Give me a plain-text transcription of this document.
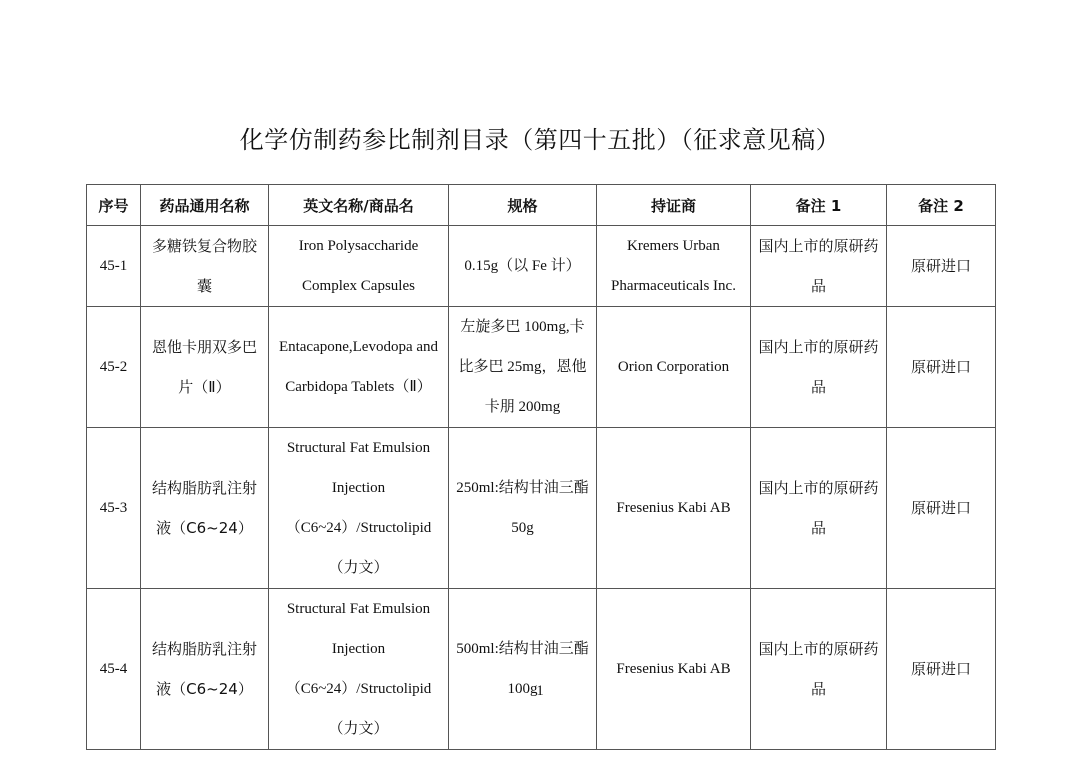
化学仿制药参比制剂目录（第四十五批）（征求意见稿）
序号	药品通用名称	英文名称/商品名	规格	持证商	备注 1	备注 2
45-1	多糖铁复合物胶囊	Iron Polysaccharide Complex Capsules	0.15g（以 Fe 计）	Kremers Urban Pharmaceuticals Inc.	国内上市的原研药品	原研进口
45-2	恩他卡朋双多巴片（Ⅱ）	Entacapone,Levodopa and Carbidopa Tablets（Ⅱ）	左旋多巴 100mg,卡比多巴 25mg，恩他卡朋 200mg	Orion Corporation	国内上市的原研药品	原研进口
45-3	结构脂肪乳注射液（C6~24）	Structural Fat Emulsion Injection（C6~24）/Structolipid（力文）	250ml:结构甘油三酯 50g	Fresenius Kabi AB	国内上市的原研药品	原研进口
45-4	结构脂肪乳注射液（C6~24）	Structural Fat Emulsion Injection（C6~24）/Structolipid（力文）	500ml:结构甘油三酯 100g	Fresenius Kabi AB	国内上市的原研药品	原研进口
1
